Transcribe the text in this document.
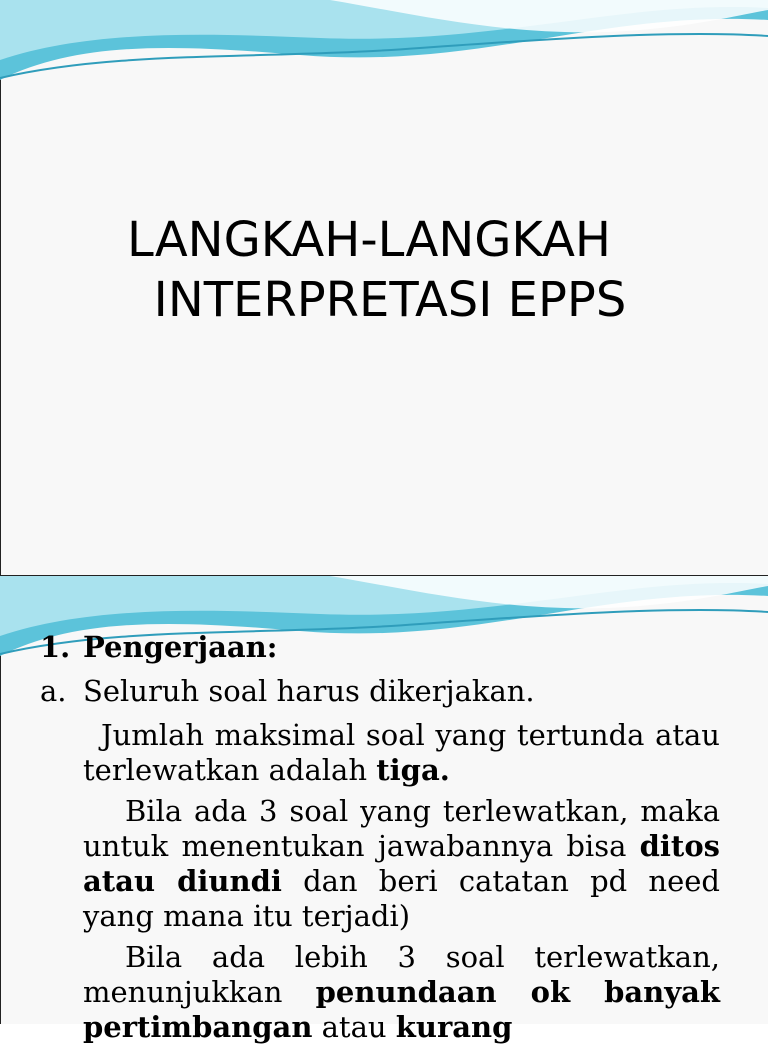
LANGKAH-LANGKAH
INTERPRETASI EPPS
1. Pengerjaan:
a. Seluruh soal harus dikerjakan.
Jumlah maksimal soal yang tertunda atau terlewatkan adalah tiga.
Bila ada 3 soal yang terlewatkan, maka untuk menentukan jawabannya bisa ditos atau diundi dan beri catatan pd need yang mana itu terjadi)
Bila ada lebih 3 soal terlewatkan, menunjukkan penundaan ok banyak pertimbangan atau kurang
